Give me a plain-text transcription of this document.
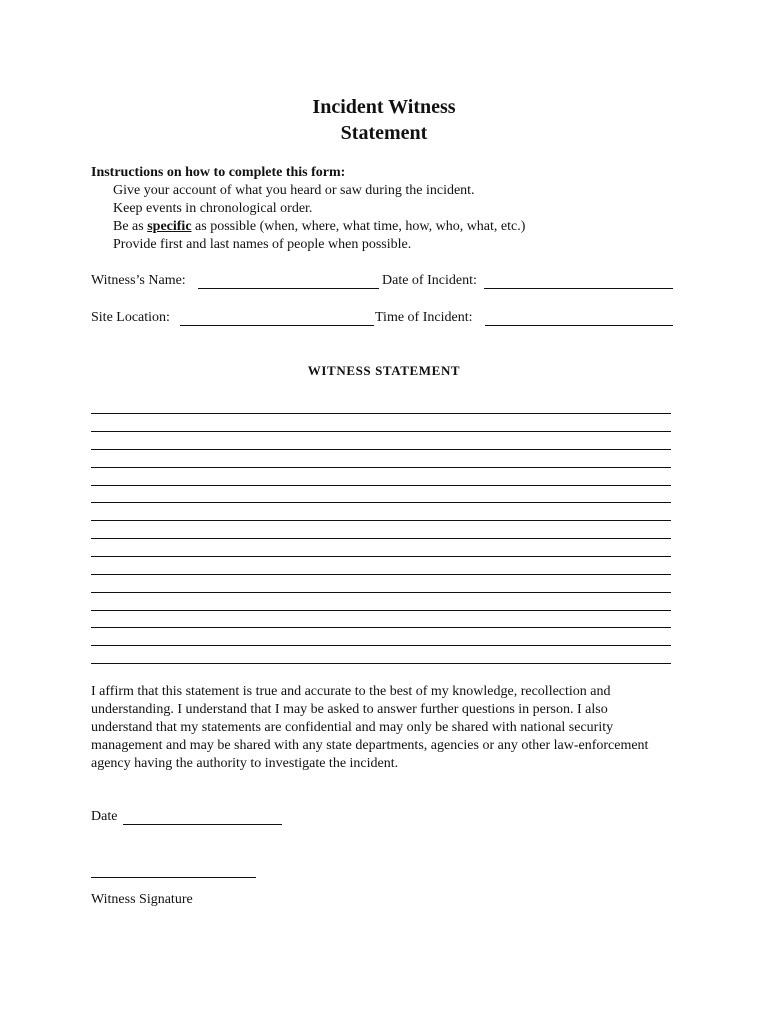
Incident Witness
Statement
Instructions on how to complete this form:
Give your account of what you heard or saw during the incident.
Keep events in chronological order.
Be as specific as possible (when, where, what time, how, who, what, etc.)
Provide first and last names of people when possible.
Witness’s Name:	Date of Incident:
Site Location:	Time of Incident:
WITNESS STATEMENT
I affirm that this statement is true and accurate to the best of my knowledge, recollection and understanding. I understand that I may be asked to answer further questions in person. I also understand that my statements are confidential and may only be shared with national security management and may be shared with any state departments, agencies or any other law-enforcement agency having the authority to investigate the incident.
Date
Witness Signature
